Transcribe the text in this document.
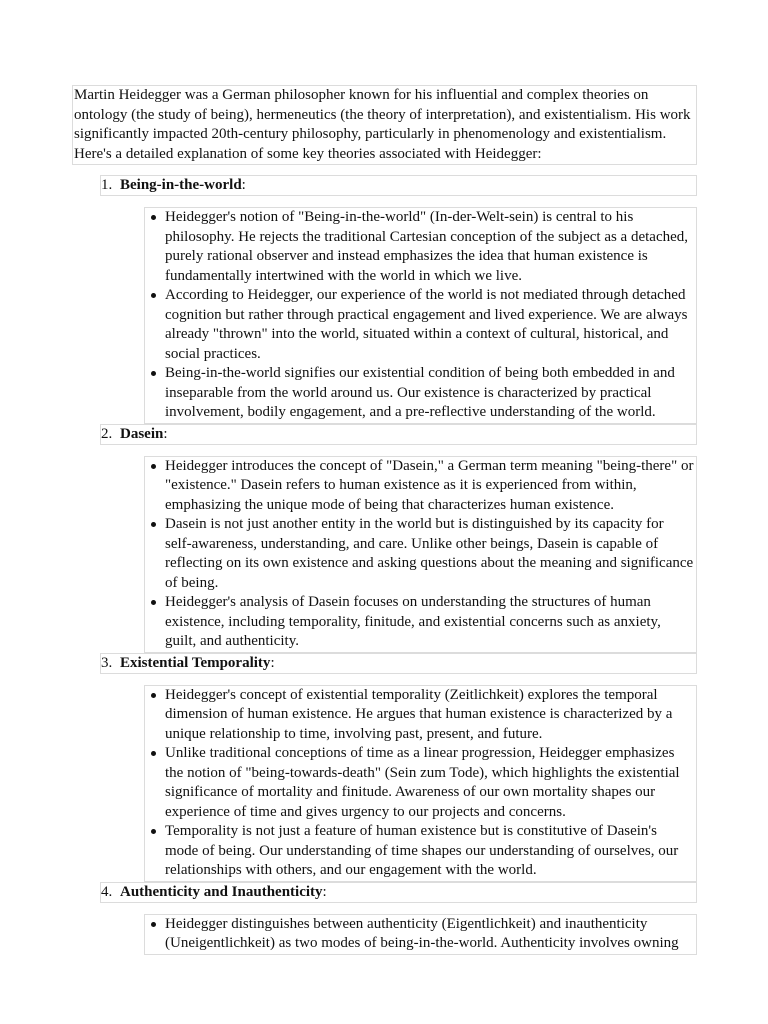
Martin Heidegger was a German philosopher known for his influential and complex theories on ontology (the study of being), hermeneutics (the theory of interpretation), and existentialism. His work significantly impacted 20th-century philosophy, particularly in phenomenology and existentialism. Here's a detailed explanation of some key theories associated with Heidegger:
1. Being-in-the-world:
Heidegger's notion of "Being-in-the-world" (In-der-Welt-sein) is central to his philosophy. He rejects the traditional Cartesian conception of the subject as a detached, purely rational observer and instead emphasizes the idea that human existence is fundamentally intertwined with the world in which we live.
According to Heidegger, our experience of the world is not mediated through detached cognition but rather through practical engagement and lived experience. We are always already "thrown" into the world, situated within a context of cultural, historical, and social practices.
Being-in-the-world signifies our existential condition of being both embedded in and inseparable from the world around us. Our existence is characterized by practical involvement, bodily engagement, and a pre-reflective understanding of the world.
2. Dasein:
Heidegger introduces the concept of "Dasein," a German term meaning "being-there" or "existence." Dasein refers to human existence as it is experienced from within, emphasizing the unique mode of being that characterizes human existence.
Dasein is not just another entity in the world but is distinguished by its capacity for self-awareness, understanding, and care. Unlike other beings, Dasein is capable of reflecting on its own existence and asking questions about the meaning and significance of being.
Heidegger's analysis of Dasein focuses on understanding the structures of human existence, including temporality, finitude, and existential concerns such as anxiety, guilt, and authenticity.
3. Existential Temporality:
Heidegger's concept of existential temporality (Zeitlichkeit) explores the temporal dimension of human existence. He argues that human existence is characterized by a unique relationship to time, involving past, present, and future.
Unlike traditional conceptions of time as a linear progression, Heidegger emphasizes the notion of "being-towards-death" (Sein zum Tode), which highlights the existential significance of mortality and finitude. Awareness of our own mortality shapes our experience of time and gives urgency to our projects and concerns.
Temporality is not just a feature of human existence but is constitutive of Dasein's mode of being. Our understanding of time shapes our understanding of ourselves, our relationships with others, and our engagement with the world.
4. Authenticity and Inauthenticity:
Heidegger distinguishes between authenticity (Eigentlichkeit) and inauthenticity (Uneigentlichkeit) as two modes of being-in-the-world. Authenticity involves owning
